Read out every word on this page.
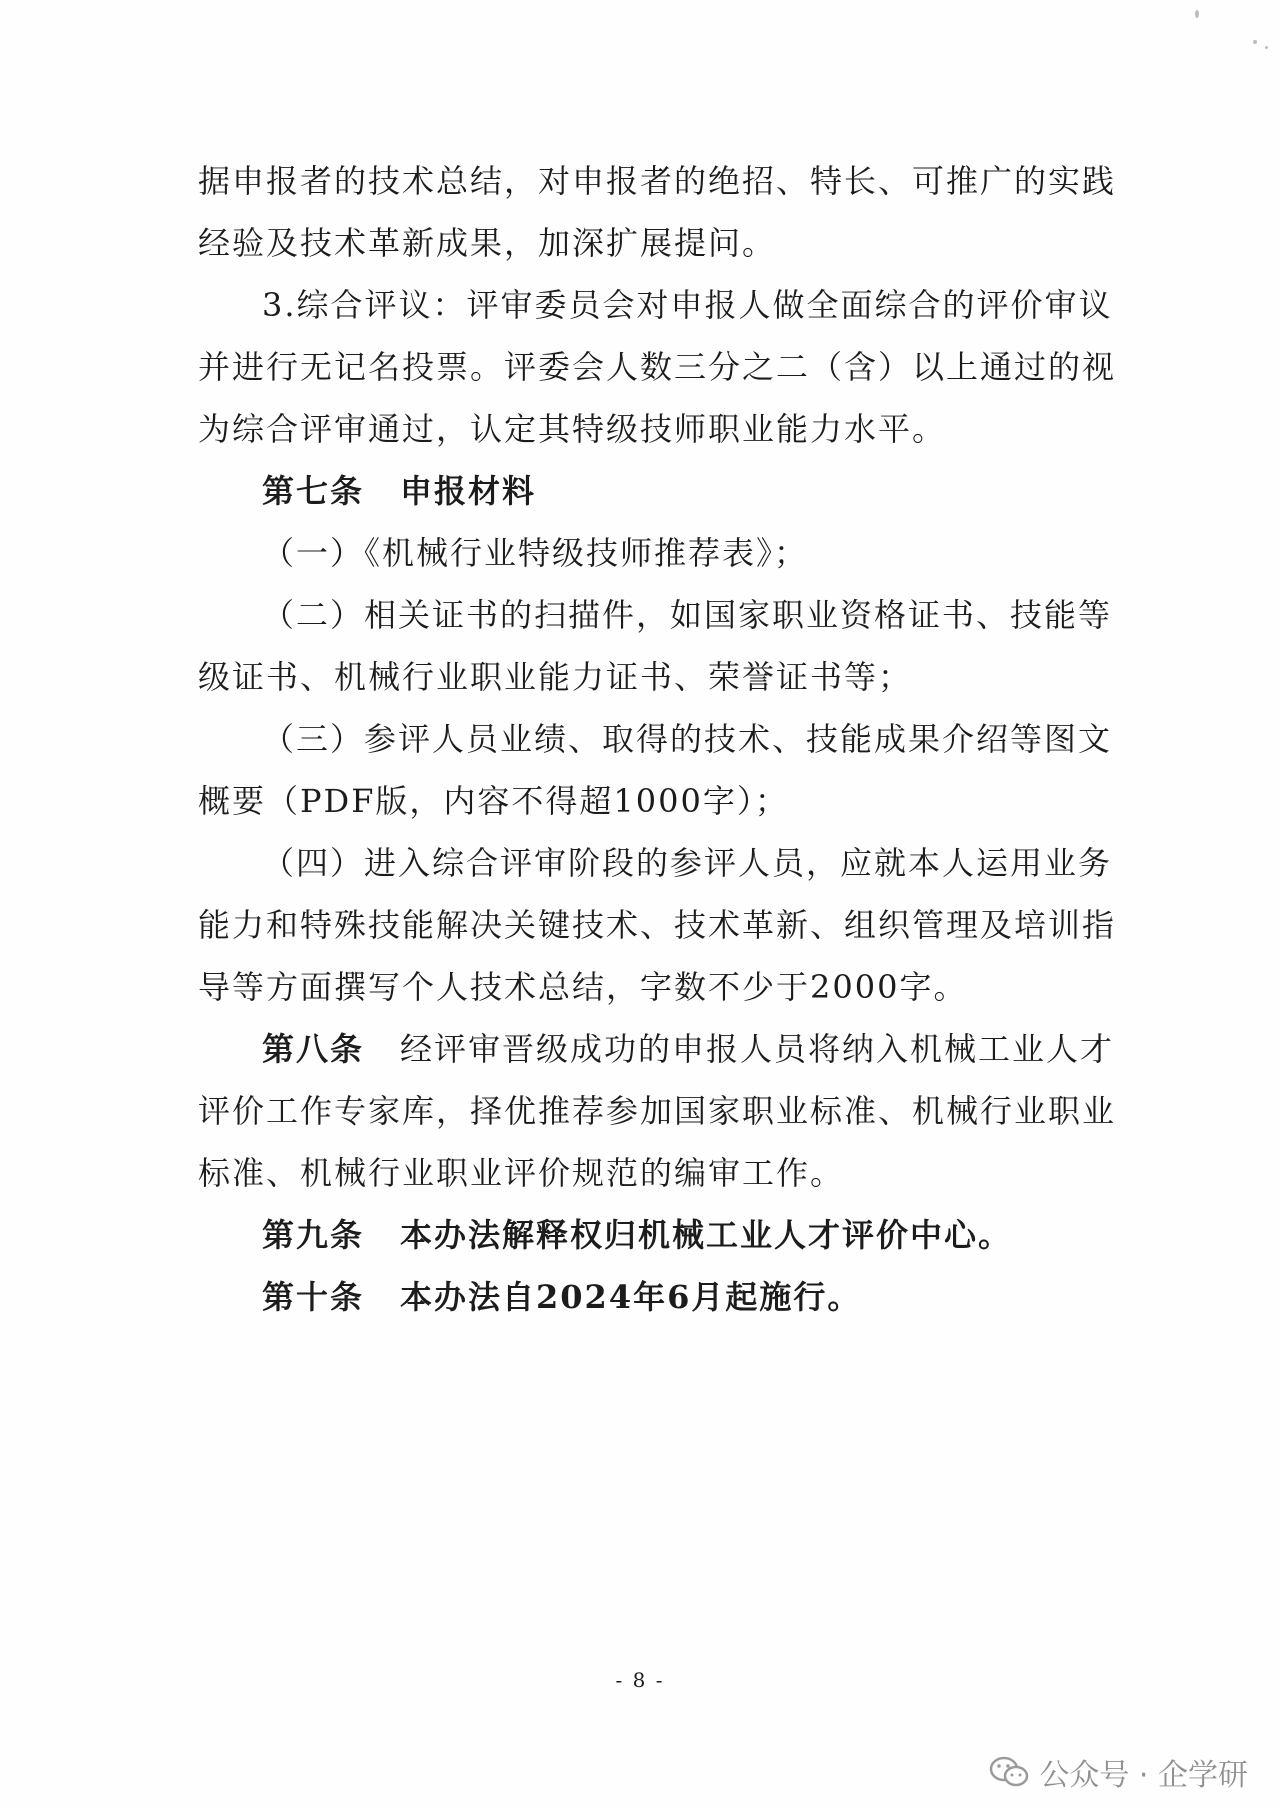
据申报者的技术总结，对申报者的绝招、特长、可推广的实践
经验及技术革新成果，加深扩展提问。
3.综合评议：评审委员会对申报人做全面综合的评价审议
并进行无记名投票。评委会人数三分之二（含）以上通过的视
为综合评审通过，认定其特级技师职业能力水平。
第七条 申报材料
（一）《机械行业特级技师推荐表》；
（二）相关证书的扫描件，如国家职业资格证书、技能等
级证书、机械行业职业能力证书、荣誉证书等；
（三）参评人员业绩、取得的技术、技能成果介绍等图文
概要（PDF版，内容不得超1000字）；
（四）进入综合评审阶段的参评人员，应就本人运用业务
能力和特殊技能解决关键技术、技术革新、组织管理及培训指
导等方面撰写个人技术总结，字数不少于2000字。
第八条 经评审晋级成功的申报人员将纳入机械工业人才
评价工作专家库，择优推荐参加国家职业标准、机械行业职业
标准、机械行业职业评价规范的编审工作。
第九条 本办法解释权归机械工业人才评价中心。
第十条 本办法自2024年6月起施行。
- 8 -
公众号 · 企学研
